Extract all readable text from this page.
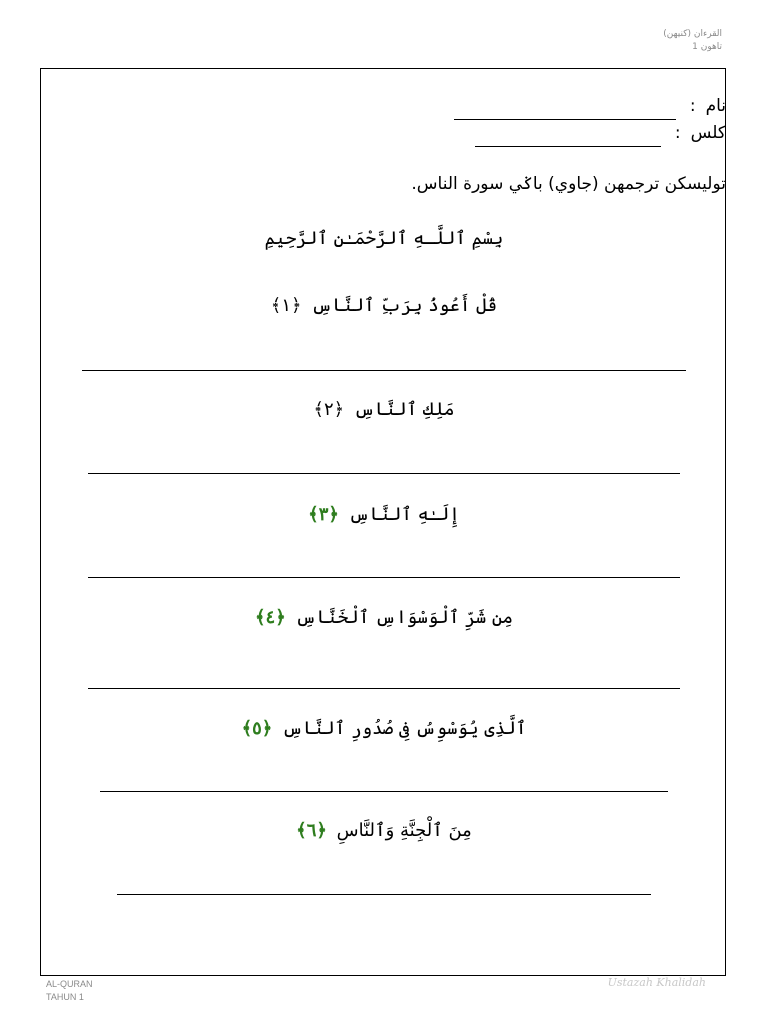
القرءان (كنيهن)
تاهون 1
نام:
كلس:
توليسكن ترجمهن (جاوي) باݢي سورة الناس.
بِسْمِ ٱللَّـهِ ٱلرَّحْمَـٰنِ ٱلرَّحِيمِ
قُلْ أَعُوذُ بِرَبِّ ٱلنَّاسِ ﴿١﴾
مَلِكِ ٱلنَّاسِ ﴿٢﴾
إِلَـٰهِ ٱلنَّاسِ ﴿٣﴾
مِن شَرِّ ٱلْوَسْوَاسِ ٱلْخَنَّاسِ ﴿٤﴾
ٱلَّذِى يُوَسْوِسُ فِى صُدُورِ ٱلنَّاسِ ﴿٥﴾
مِنَ ٱلْجِنَّةِ وَٱلنَّاسِ ﴿٦﴾
AL-QURAN
TAHUN 1
Ustazah Khalidah
